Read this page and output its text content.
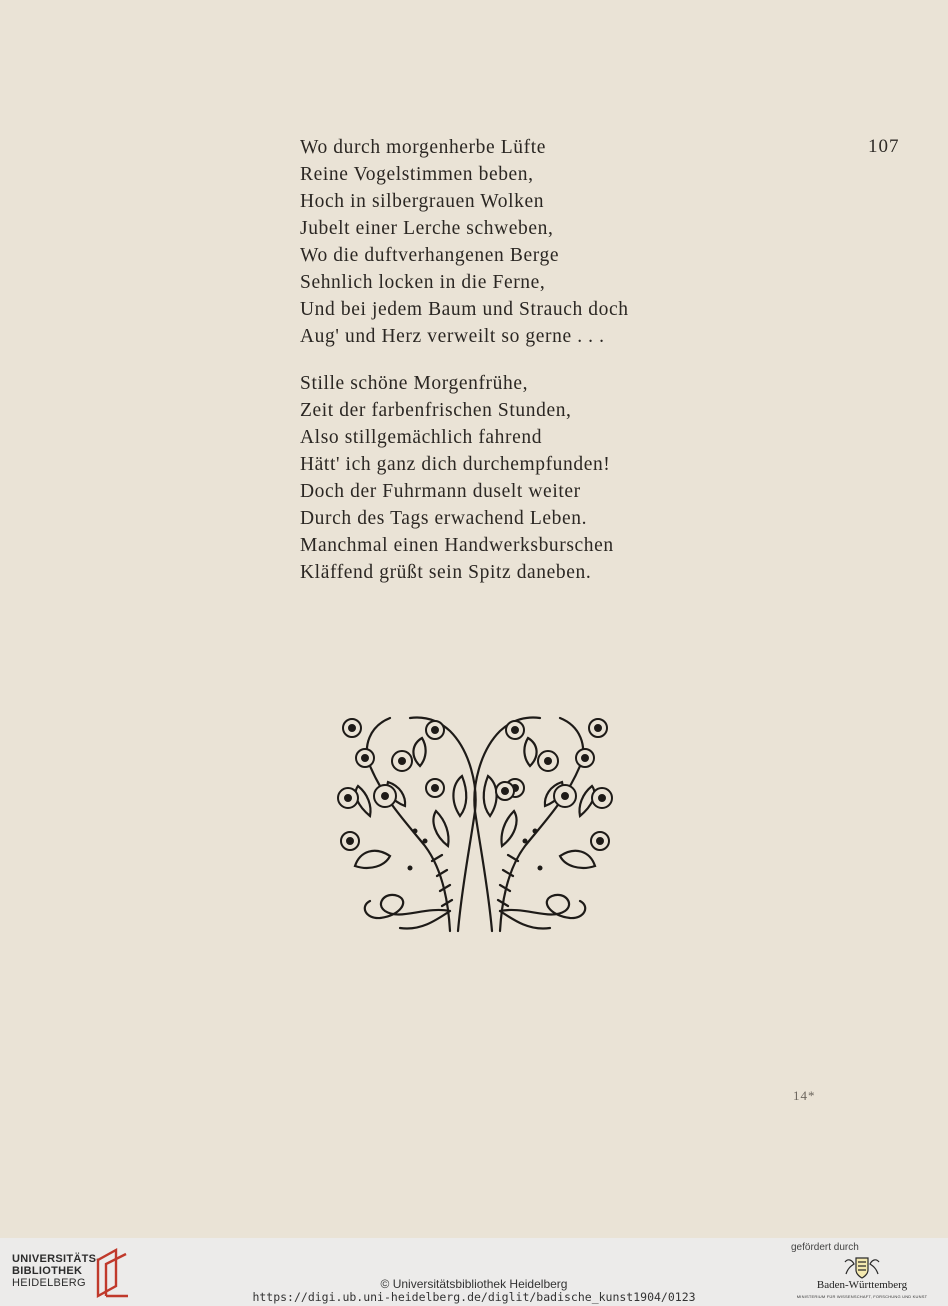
107
Wo durch morgenherbe Lüfte
Reine Vogelstimmen beben,
Hoch in silbergrauen Wolken
Jubelt einer Lerche schweben,
Wo die duftverhangenen Berge
Sehnlich locken in die Ferne,
Und bei jedem Baum und Strauch doch
Aug' und Herz verweilt so gerne . . .
Stille schöne Morgenfrühe,
Zeit der farbenfrischen Stunden,
Also stillgemächlich fahrend
Hätt' ich ganz dich durchempfunden!
Doch der Fuhrmann duselt weiter
Durch des Tags erwachend Leben.
Manchmal einen Handwerksburschen
Kläffend grüßt sein Spitz daneben.
14*
UNIVERSITÄTS-
BIBLIOTHEK
HEIDELBERG	© Universitätsbibliothek Heidelberg
https://digi.ub.uni-heidelberg.de/diglit/badische_kunst1904/0123
gefördert durch
Baden-Württemberg
MINISTERIUM FÜR WISSENSCHAFT, FORSCHUNG UND KUNST
